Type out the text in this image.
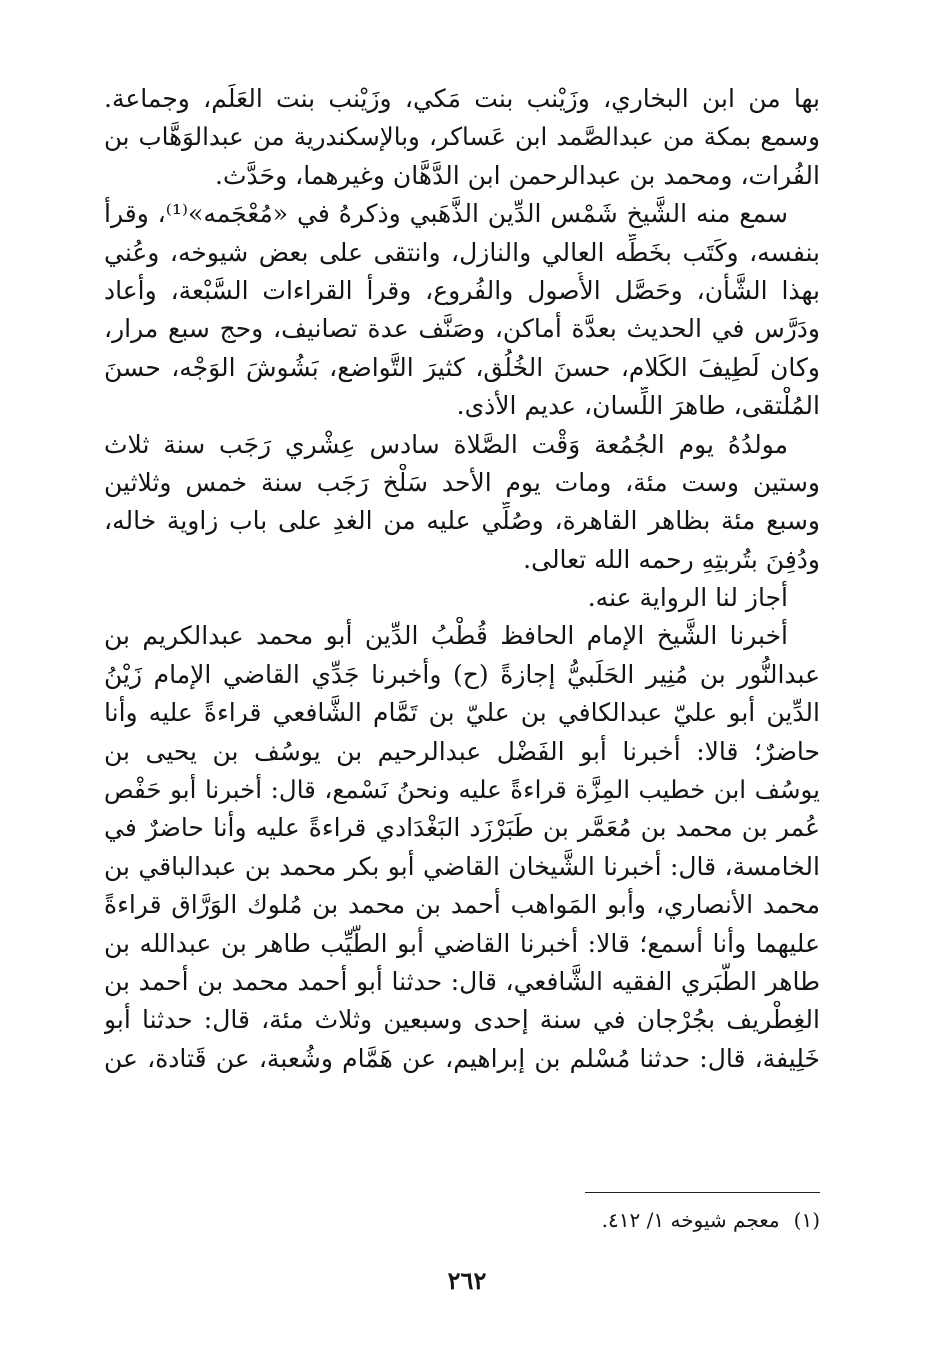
بها من ابن البخاري، وزَيْنب بنت مَكي، وزَيْنب بنت العَلَم، وجماعة.
وسمع بمكة من عبدالصَّمد ابن عَساكر، وبالإسكندرية من عبدالوَهَّاب بن
الفُرات، ومحمد بن عبدالرحمن ابن الدَّهَّان وغيرهما، وحَدَّث.
سمع منه الشَّيخ شَمْس الدِّين الذَّهَبي وذكرهُ في «مُعْجَمه»⁽¹⁾، وقرأ
بنفسه، وكَتَب بخَطِّه العالي والنازل، وانتقى على بعض شيوخه، وعُني
بهذا الشَّأن، وحَصَّل الأُصول والفُروع، وقرأ القراءات السَّبْعة، وأعاد
ودَرَّس في الحديث بعدَّة أماكن، وصَنَّف عدة تصانيف، وحج سبع مرار،
وكان لَطِيفَ الكَلام، حسنَ الخُلُق، كثيرَ التَّواضع، بَشُوشَ الوَجْه، حسنَ
المُلْتقى، طاهرَ اللِّسان، عديم الأذى.
مولدُهُ يوم الجُمُعة وَقْت الصَّلاة سادس عِشْري رَجَب سنة ثلاث
وستين وست مئة، ومات يوم الأحد سَلْخ رَجَب سنة خمس وثلاثين
وسبع مئة بظاهر القاهرة، وصُلِّي عليه من الغدِ على باب زاوية خاله،
ودُفِنَ بتُربتِهِ رحمه الله تعالى.
أجاز لنا الرواية عنه.
أخبرنا الشَّيخ الإمام الحافظ قُطْبُ الدِّين أبو محمد عبدالكريم بن
عبدالنُّور بن مُنِير الحَلَبيُّ إجازةً (ح) وأخبرنا جَدِّي القاضي الإمام زَيْنُ
الدِّين أبو عليّ عبدالكافي بن عليّ بن تَمَّام الشَّافعي قراءةً عليه وأنا
حاضرٌ؛ قالا: أخبرنا أبو الفَضْل عبدالرحيم بن يوسُف بن يحيى بن
يوسُف ابن خطيب المِزَّة قراءةً عليه ونحنُ نَسْمع، قال: أخبرنا أبو حَفْص
عُمر بن محمد بن مُعَمَّر بن طَبَرْزَد البَغْدَادي قراءةً عليه وأنا حاضرٌ في
الخامسة، قال: أخبرنا الشَّيخان القاضي أبو بكر محمد بن عبدالباقي بن
محمد الأنصاري، وأبو المَواهب أحمد بن محمد بن مُلوك الوَرَّاق قراءةً
عليهما وأنا أسمع؛ قالا: أخبرنا القاضي أبو الطَّيِّب طاهر بن عبدالله بن
طاهر الطَّبَري الفقيه الشَّافعي، قال: حدثنا أبو أحمد محمد بن أحمد بن
الغِطْريف بجُرْجان في سنة إحدى وسبعين وثلاث مئة، قال: حدثنا أبو
خَلِيفة، قال: حدثنا مُسْلم بن إبراهيم، عن هَمَّام وشُعبة، عن قَتادة، عن
(١)معجم شيوخه ١/ ٤١٢.
٢٦٢
